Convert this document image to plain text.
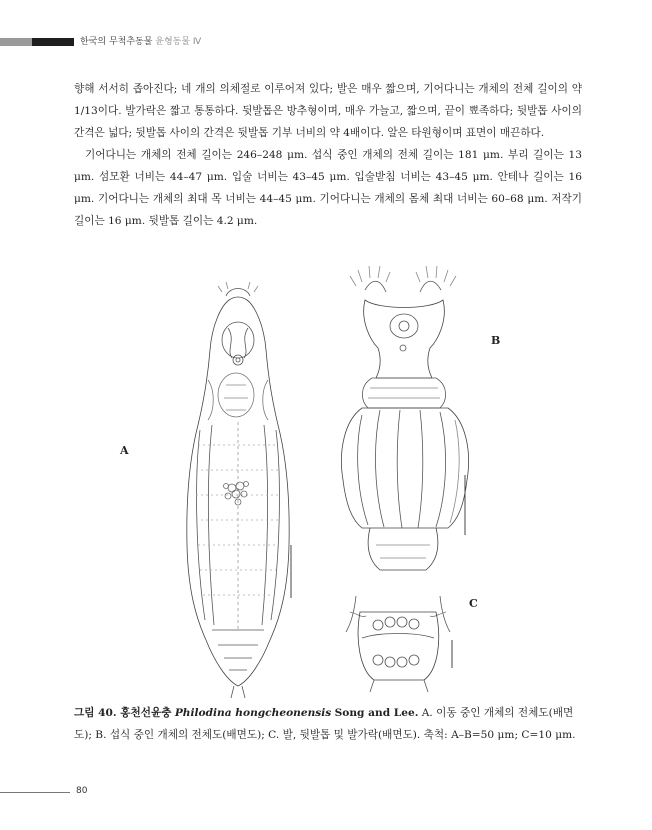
한국의 무척추동물 윤형동물 Ⅳ

향해 서서히 좁아진다; 네 개의 의체절로 이루어져 있다; 발은 매우 짧으며, 기어다니는 개체의 전체 길이의 약 1/13이다. 발가락은 짧고 통통하다. 뒷발톱은 방추형이며, 매우 가늘고, 짧으며, 끝이 뾰족하다; 뒷발톱 사이의 간격은 넓다; 뒷발톱 사이의 간격은 뒷발톱 기부 너비의 약 4배이다. 알은 타원형이며 표면이 매끈하다.

기어다니는 개체의 전체 길이는 246–248 μm. 섭식 중인 개체의 전체 길이는 181 μm. 부리 길이는 13 μm. 섬모환 너비는 44–47 μm. 입술 너비는 43–45 μm. 입술받침 너비는 43–45 μm. 안테나 길이는 16 μm. 기어다니는 개체의 최대 목 너비는 44–45 μm. 기어다니는 개체의 몸체 최대 너비는 60–68 μm. 저작기 길이는 16 μm. 뒷발톱 길이는 4.2 μm.

A
B
C

그림 40. 홍천선윤충 Philodina hongcheonensis Song and Lee. A. 이동 중인 개체의 전체도(배면도); B. 섭식 중인 개체의 전체도(배면도); C. 발, 뒷발톱 및 발가락(배면도). 축척: A–B=50 μm; C=10 μm.

80
